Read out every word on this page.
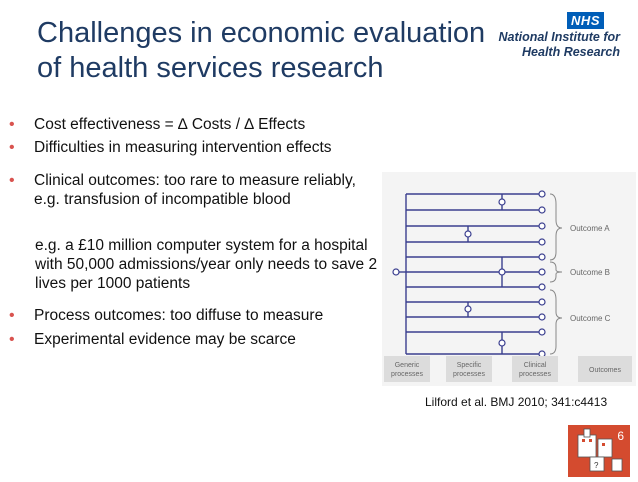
Challenges in economic evaluation
of health services research
NHS
National Institute for
Health Research
• Cost effectiveness = ∆ Costs / ∆ Effects
• Difficulties in measuring intervention effects
• Clinical outcomes: too rare to measure reliably, e.g. transfusion of incompatible blood
e.g. a £10 million computer system for a hospital with 50,000 admissions/year only needs to save 2 lives per 1000 patients
• Process outcomes: too diffuse to measure
• Experimental evidence may be scarce
Outcome A
Outcome B
Outcome C
Generic
processes
Specific
processes
Clinical
processes
Outcomes
Lilford et al. BMJ 2010; 341:c4413
?
6
